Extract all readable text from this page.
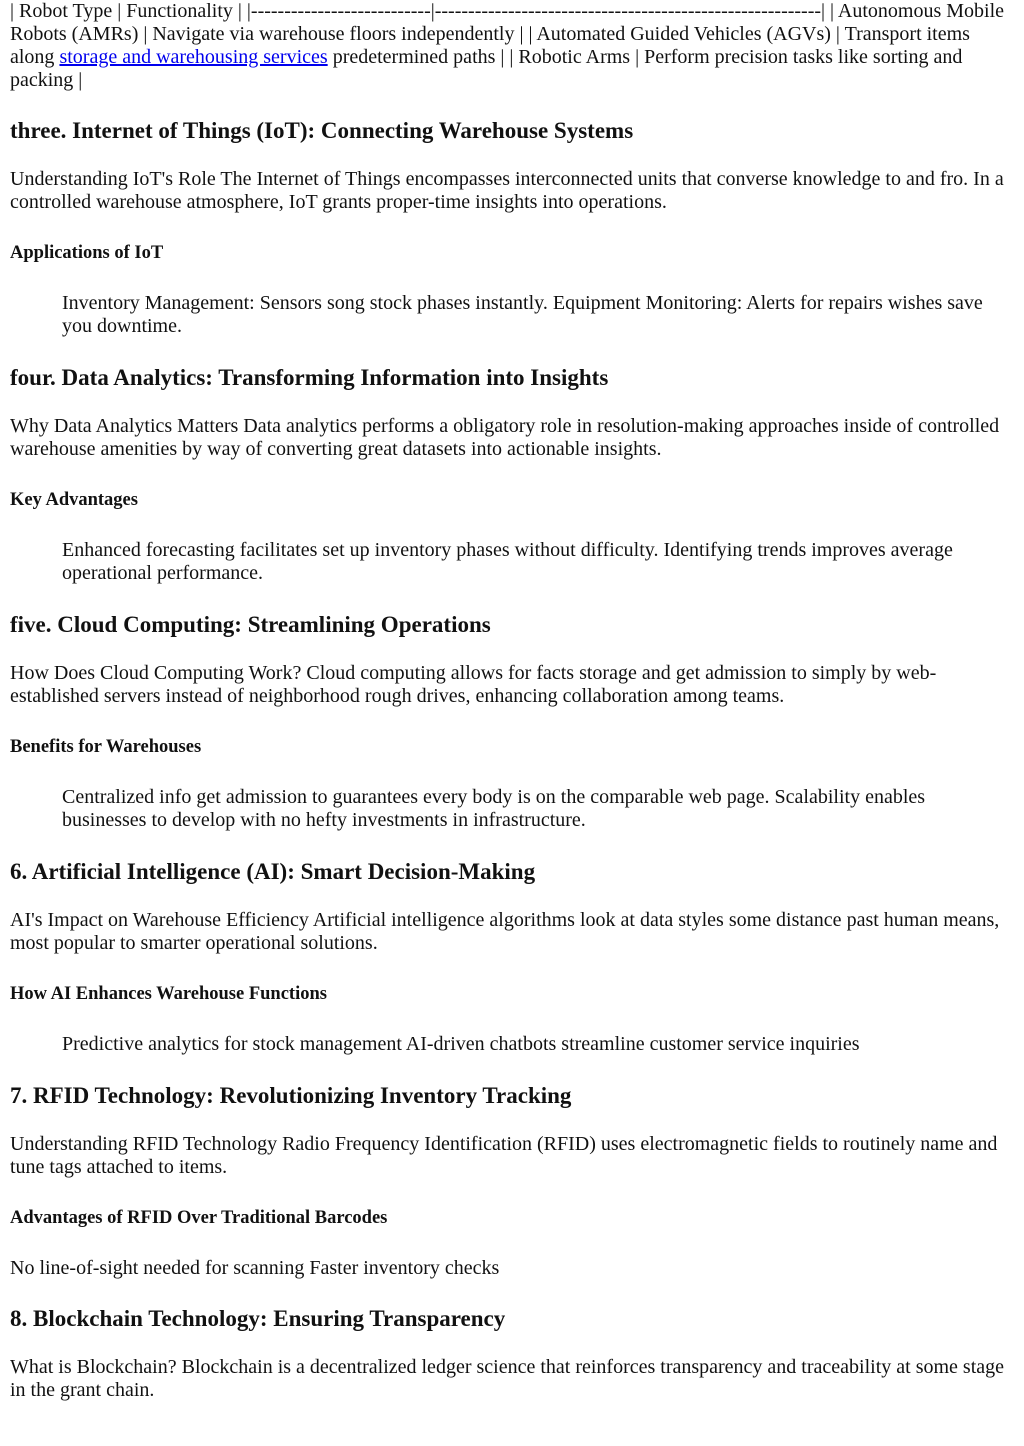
| Robot Type | Functionality | |---------------------------|----------------------------------------------------------| | Autonomous Mobile Robots (AMRs) | Navigate via warehouse floors independently | | Automated Guided Vehicles (AGVs) | Transport items along storage and warehousing services predetermined paths | | Robotic Arms | Perform precision tasks like sorting and packing |

three. Internet of Things (IoT): Connecting Warehouse Systems

Understanding IoT's Role The Internet of Things encompasses interconnected units that converse knowledge to and fro. In a controlled warehouse atmosphere, IoT grants proper-time insights into operations.

Applications of IoT
Inventory Management: Sensors song stock phases instantly. Equipment Monitoring: Alerts for repairs wishes save you downtime.
four. Data Analytics: Transforming Information into Insights

Why Data Analytics Matters Data analytics performs a obligatory role in resolution-making approaches inside of controlled warehouse amenities by way of converting great datasets into actionable insights.

Key Advantages
Enhanced forecasting facilitates set up inventory phases without difficulty. Identifying trends improves average operational performance.
five. Cloud Computing: Streamlining Operations

How Does Cloud Computing Work? Cloud computing allows for facts storage and get admission to simply by web-established servers instead of neighborhood rough drives, enhancing collaboration among teams.

Benefits for Warehouses
Centralized info get admission to guarantees every body is on the comparable web page. Scalability enables businesses to develop with no hefty investments in infrastructure.
6. Artificial Intelligence (AI): Smart Decision-Making

AI's Impact on Warehouse Efficiency Artificial intelligence algorithms look at data styles some distance past human means, most popular to smarter operational solutions.

How AI Enhances Warehouse Functions
Predictive analytics for stock management AI-driven chatbots streamline customer service inquiries
7. RFID Technology: Revolutionizing Inventory Tracking

Understanding RFID Technology Radio Frequency Identification (RFID) uses electromagnetic fields to routinely name and tune tags attached to items.

Advantages of RFID Over Traditional Barcodes

No line-of-sight needed for scanning Faster inventory checks

8. Blockchain Technology: Ensuring Transparency

What is Blockchain? Blockchain is a decentralized ledger science that reinforces transparency and traceability at some stage in the grant chain.
